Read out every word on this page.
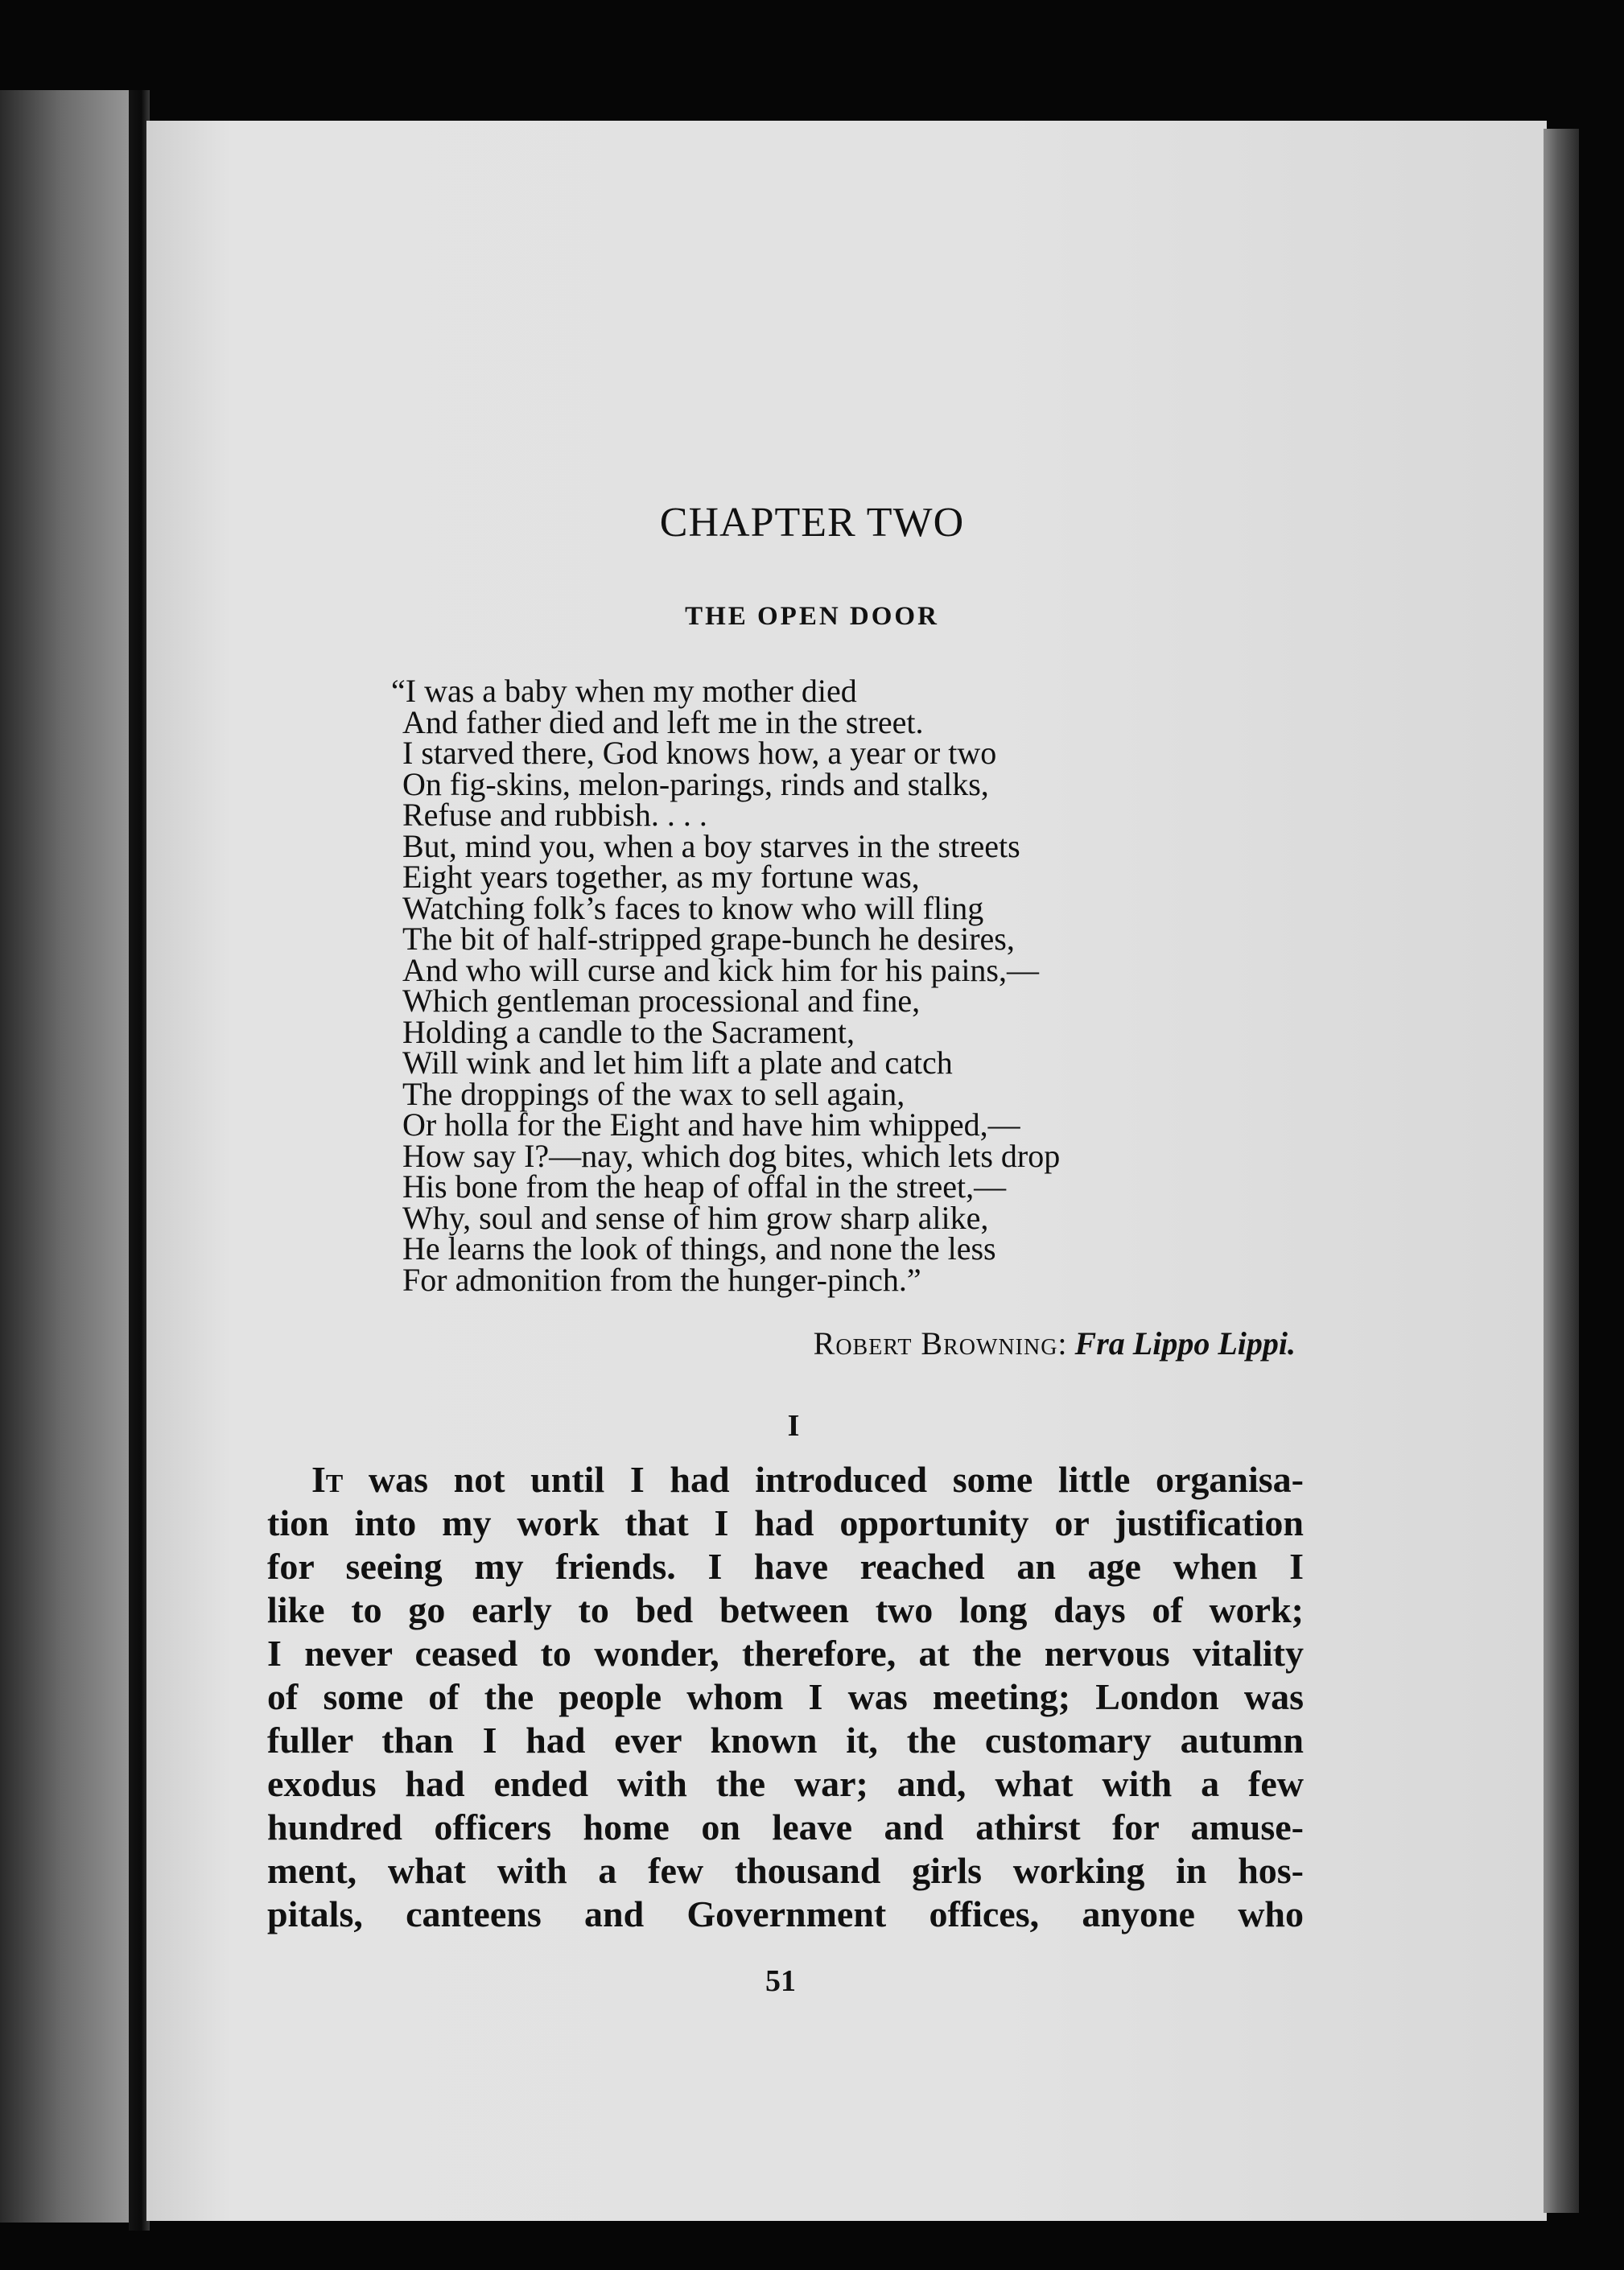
CHAPTER TWO
THE OPEN DOOR
“I was a baby when my mother died
And father died and left me in the street.
I starved there, God knows how, a year or two
On fig-skins, melon-parings, rinds and stalks,
Refuse and rubbish. . . .
But, mind you, when a boy starves in the streets
Eight years together, as my fortune was,
Watching folk’s faces to know who will fling
The bit of half-stripped grape-bunch he desires,
And who will curse and kick him for his pains,—
Which gentleman processional and fine,
Holding a candle to the Sacrament,
Will wink and let him lift a plate and catch
The droppings of the wax to sell again,
Or holla for the Eight and have him whipped,—
How say I?—nay, which dog bites, which lets drop
His bone from the heap of offal in the street,—
Why, soul and sense of him grow sharp alike,
He learns the look of things, and none the less
For admonition from the hunger-pinch.”
Robert Browning: Fra Lippo Lippi.
I
It was not until I had introduced some little organisa-
tion into my work that I had opportunity or justification
for seeing my friends. I have reached an age when I
like to go early to bed between two long days of work;
I never ceased to wonder, therefore, at the nervous vitality
of some of the people whom I was meeting; London was
fuller than I had ever known it, the customary autumn
exodus had ended with the war; and, what with a few
hundred officers home on leave and athirst for amuse-
ment, what with a few thousand girls working in hos-
pitals, canteens and Government offices, anyone who
51
